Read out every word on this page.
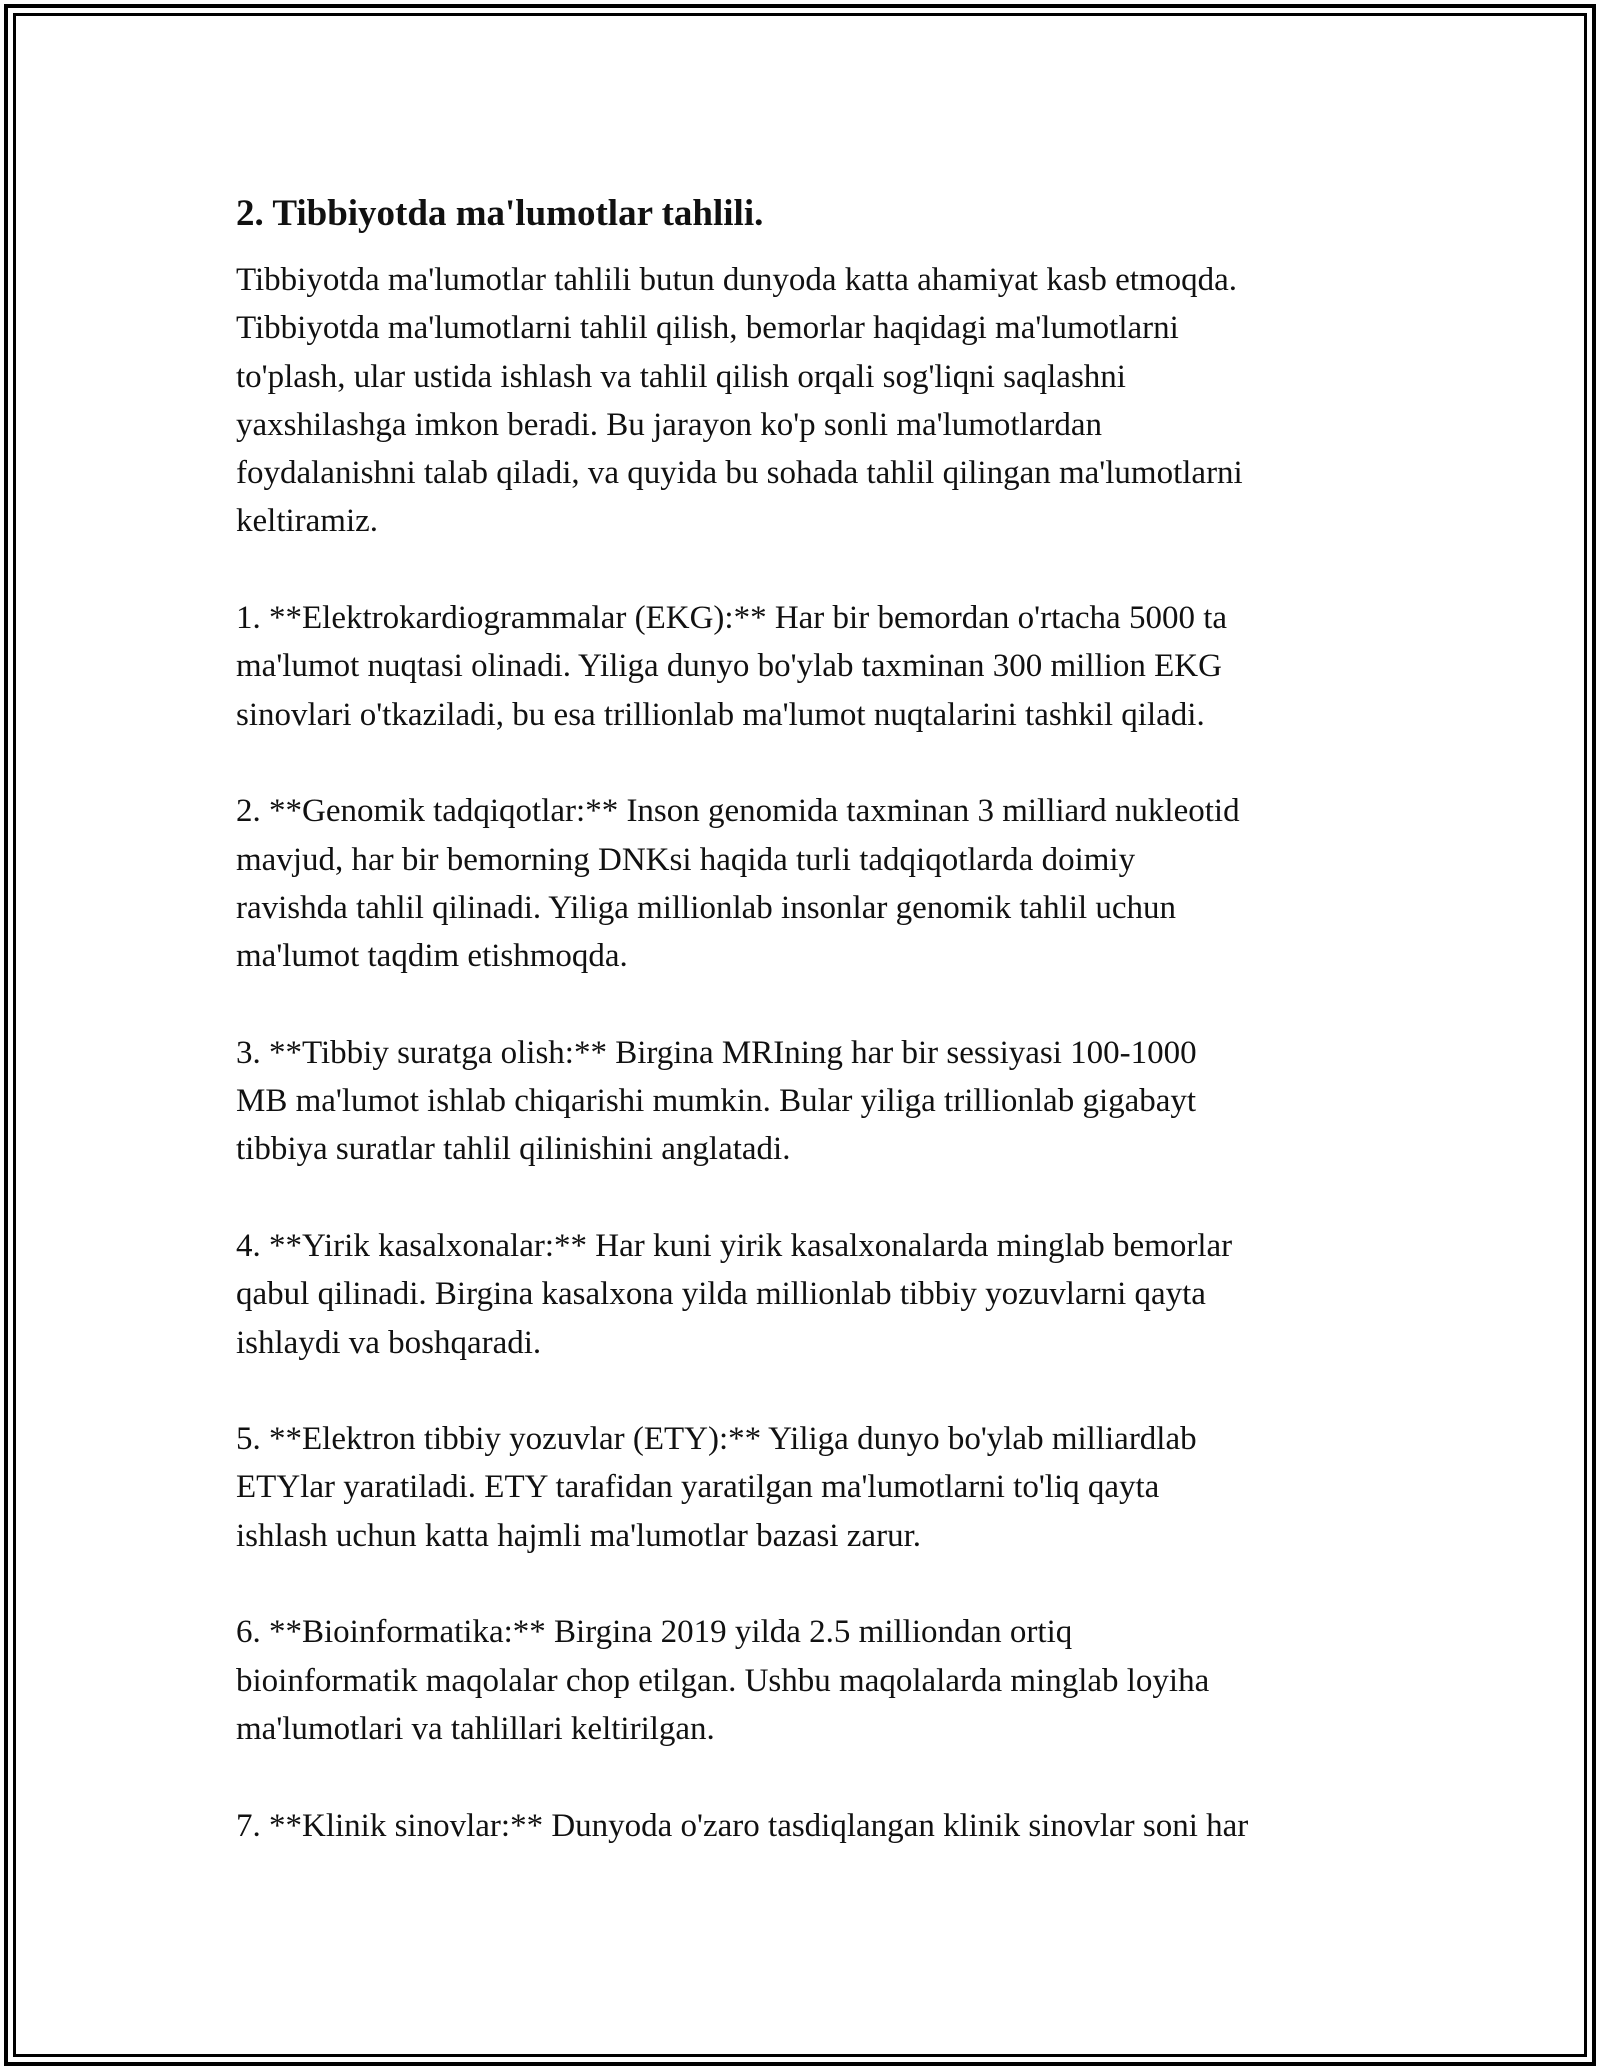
2. Tibbiyotda ma'lumotlar tahlili.
Tibbiyotda ma'lumotlar tahlili butun dunyoda katta ahamiyat kasb etmoqda.
Tibbiyotda ma'lumotlarni tahlil qilish, bemorlar haqidagi ma'lumotlarni
to'plash, ular ustida ishlash va tahlil qilish orqali sog'liqni saqlashni
yaxshilashga imkon beradi. Bu jarayon ko'p sonli ma'lumotlardan
foydalanishni talab qiladi, va quyida bu sohada tahlil qilingan ma'lumotlarni
keltiramiz.
1. **Elektrokardiogrammalar (EKG):** Har bir bemordan o'rtacha 5000 ta
ma'lumot nuqtasi olinadi. Yiliga dunyo bo'ylab taxminan 300 million EKG
sinovlari o'tkaziladi, bu esa trillionlab ma'lumot nuqtalarini tashkil qiladi.
2. **Genomik tadqiqotlar:** Inson genomida taxminan 3 milliard nukleotid
mavjud, har bir bemorning DNKsi haqida turli tadqiqotlarda doimiy
ravishda tahlil qilinadi. Yiliga millionlab insonlar genomik tahlil uchun
ma'lumot taqdim etishmoqda.
3. **Tibbiy suratga olish:** Birgina MRIning har bir sessiyasi 100-1000
MB ma'lumot ishlab chiqarishi mumkin. Bular yiliga trillionlab gigabayt
tibbiya suratlar tahlil qilinishini anglatadi.
4. **Yirik kasalxonalar:** Har kuni yirik kasalxonalarda minglab bemorlar
qabul qilinadi. Birgina kasalxona yilda millionlab tibbiy yozuvlarni qayta
ishlaydi va boshqaradi.
5. **Elektron tibbiy yozuvlar (ETY):** Yiliga dunyo bo'ylab milliardlab
ETYlar yaratiladi. ETY tarafidan yaratilgan ma'lumotlarni to'liq qayta
ishlash uchun katta hajmli ma'lumotlar bazasi zarur.
6. **Bioinformatika:** Birgina 2019 yilda 2.5 milliondan ortiq
bioinformatik maqolalar chop etilgan. Ushbu maqolalarda minglab loyiha
ma'lumotlari va tahlillari keltirilgan.
7. **Klinik sinovlar:** Dunyoda o'zaro tasdiqlangan klinik sinovlar soni har
